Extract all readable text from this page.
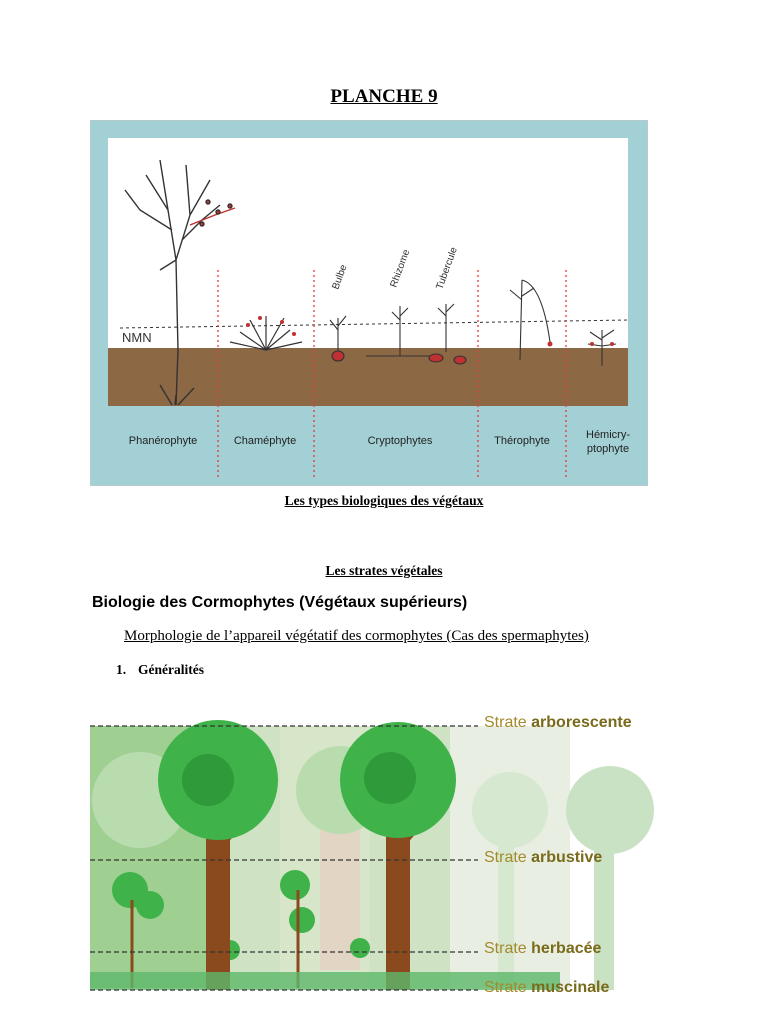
PLANCHE 9
NMN
Bulbe	Rhizome Tubercule
Phanérophyte	Chaméphyte	Cryptophytes	Thérophyte	Hémicry-
ptophyte
Les types biologiques des végétaux
Les strates végétales
Biologie des Cormophytes (Végétaux supérieurs)
Morphologie de l’appareil végétatif des cormophytes (Cas des spermaphytes)
1. Généralités
Strate arborescente
Strate arbustive
Strate herbacée
Strate muscinale
